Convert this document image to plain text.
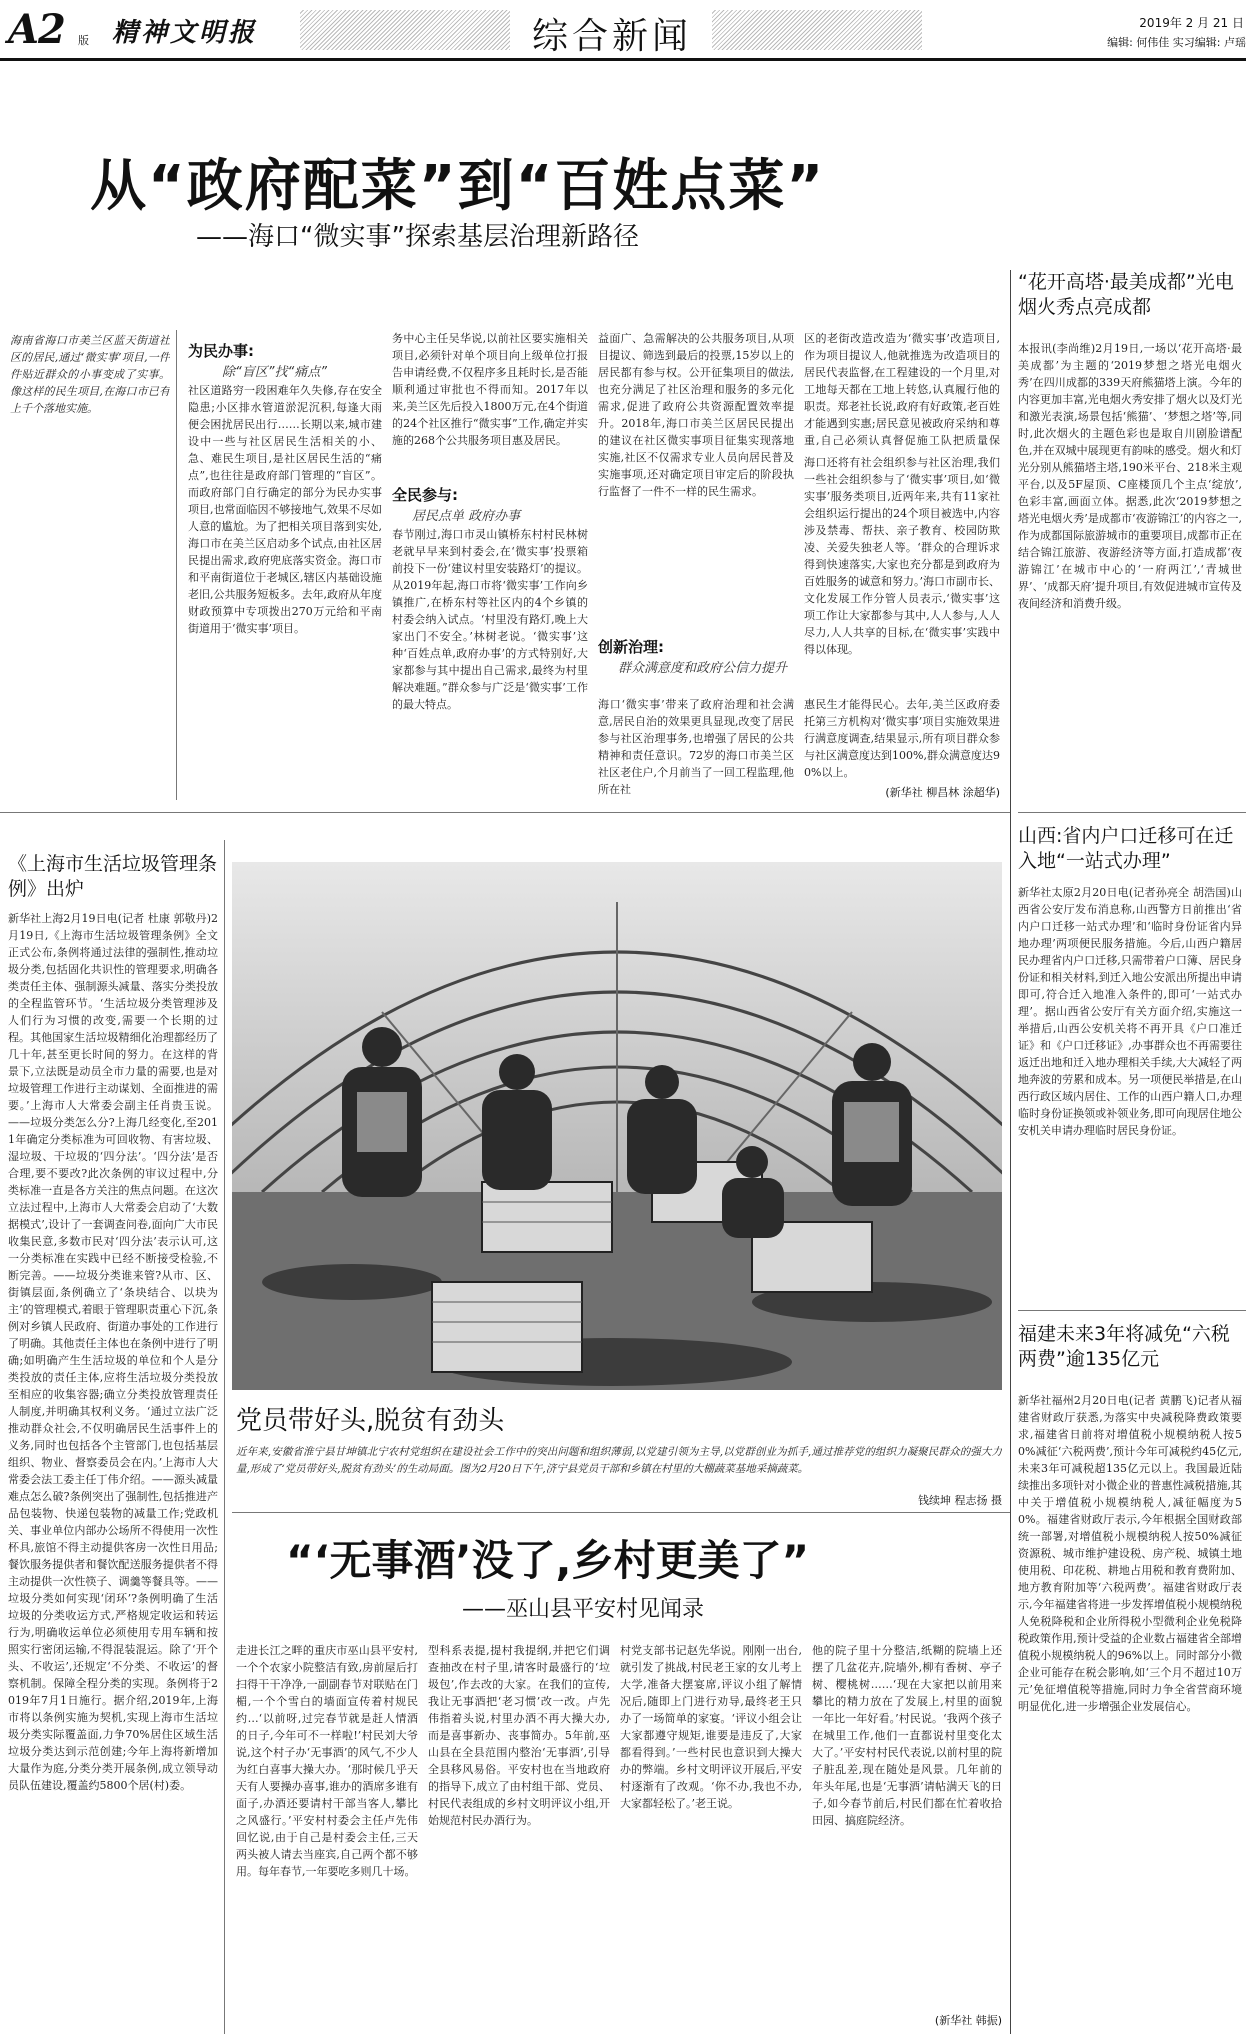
A2 版 精神文明报	综合新闻	2019年 2 月 21 日
编辑: 何伟佳 实习编辑: 卢瑶
从“政府配菜”到“百姓点菜”
——海口“微实事”探索基层治理新路径
海南省海口市美兰区蓝天街道社区的居民,通过‘微实事’项目,一件件贴近群众的小事变成了实事。像这样的民生项目,在海口市已有上千个落地实施。
为民办事:
除“盲区”找“痛点”
社区道路穷一段困难年久失修,存在安全隐患;小区排水管道淤泥沉积,每逢大雨便会困扰居民出行……长期以来,城市建设中一些与社区居民生活相关的小、急、难民生项目,是社区居民生活的“痛点”,也往往是政府部门管理的“盲区”。而政府部门自行确定的部分为民办实事项目,也常面临因不够接地气,效果不尽如人意的尴尬。为了把相关项目落到实处,海口市在美兰区启动多个试点,由社区居民提出需求,政府兜底落实资金。海口市和平南街道位于老城区,辖区内基础设施老旧,公共服务短板多。去年,政府从年度财政预算中专项拨出270万元给和平南街道用于‘微实事’项目。
务中心主任吴华说,以前社区要实施相关项目,必须针对单个项目向上级单位打报告申请经费,不仅程序多且耗时长,是否能顺利通过审批也不得而知。2017年以来,美兰区先后投入1800万元,在4个街道的24个社区推行“微实事”工作,确定并实施的268个公共服务项目惠及居民。
全民参与:
居民点单 政府办事
春节刚过,海口市灵山镇桥东村村民林树老就早早来到村委会,在‘微实事’投票箱前投下一份‘建议村里安装路灯’的提议。从2019年起,海口市将‘微实事’工作向乡镇推广,在桥东村等社区内的4个乡镇的村委会纳入试点。‘村里没有路灯,晚上大家出门不安全。’林树老说。‘微实事’这种‘百姓点单,政府办事’的方式特别好,大家都参与其中提出自己需求,最终为村里解决难题。”群众参与广泛是‘微实事’工作的最大特点。
益面广、急需解决的公共服务项目,从项目提议、筛选到最后的投票,15岁以上的居民都有参与权。公开征集项目的做法,也充分满足了社区治理和服务的多元化需求,促进了政府公共资源配置效率提升。2018年,海口市美兰区居民民提出的建议在社区微实事项目征集实现落地实施,社区不仅需求专业人员向居民普及实施事项,还对确定项目审定后的阶段执行监督了一件不一样的民生需求。
创新治理:
群众满意度和政府公信力提升
海口‘微实事’带来了政府治理和社会满意,居民自治的效果更具显现,改变了居民参与社区治理事务,也增强了居民的公共精神和责任意识。72岁的海口市美兰区社区老住户,个月前当了一回工程监理,他所在社
区的老街改造改造为‘微实事’改造项目,作为项目提议人,他就推选为改造项目的居民代表监督,在工程建设的一个月里,对工地每天都在工地上转悠,认真履行他的职责。郑老社长说,政府有好政策,老百姓才能遇到实惠;居民意见被政府采纳和尊重,自己必须认真督促施工队把质量保
海口还将有社会组织参与社区治理,我们一些社会组织参与了‘微实事’项目,如‘微实事’服务类项目,近两年来,共有11家社会组织运行提出的24个项目被选中,内容涉及禁毒、帮扶、亲子教育、校园防欺凌、关爱失独老人等。‘群众的合理诉求得到快速落实,大家也充分都是到政府为百姓服务的诚意和努力。’海口市副市长、文化发展工作分管人员表示,‘微实事’这项工作让大家都参与其中,人人参与,人人尽力,人人共享的目标,在‘微实事’实践中得以体现。
惠民生才能得民心。去年,美兰区政府委托第三方机构对‘微实事’项目实施效果进行满意度调查,结果显示,所有项目群众参与社区满意度达到100%,群众满意度达90%以上。
(新华社 柳昌林 涂超华)
“花开高塔·最美成都”光电烟火秀点亮成都
本报讯(李尚维)2月19日,一场以‘花开高塔·最美成都’为主题的‘2019梦想之塔光电烟火秀’在四川成都的339天府熊猫塔上演。今年的内容更加丰富,光电烟火秀安排了烟火以及灯光和激光表演,场景包括‘熊猫’、‘梦想之塔’等,同时,此次烟火的主题色彩也是取自川剧脸谱配色,并在双城中展现更有韵味的感受。烟火和灯光分别从熊猫塔主塔,190米平台、218米主观平台,以及5F屋顶、C座楼顶几个主点‘绽放’,色彩丰富,画面立体。据悉,此次‘2019梦想之塔光电烟火秀’是成都市‘夜游锦江’的内容之一,作为成都国际旅游城市的重要项目,成都市正在结合锦江旅游、夜游经济等方面,打造成都‘夜游锦江’在城市中心的‘一府两江’,‘青城世界’、‘成都天府’提升项目,有效促进城市宣传及夜间经济和消费升级。
山西:省内户口迁移可在迁入地“一站式办理”
新华社太原2月20日电(记者孙亮全 胡浩国)山西省公安厅发布消息称,山西警方日前推出‘省内户口迁移一站式办理’和‘临时身份证省内异地办理’两项便民服务措施。今后,山西户籍居民办理省内户口迁移,只需带着户口簿、居民身份证和相关材料,到迁入地公安派出所提出申请即可,符合迁入地准入条件的,即可‘一站式办理’。据山西省公安厅有关方面介绍,实施这一举措后,山西公安机关将不再开具《户口准迁证》和《户口迁移证》,办事群众也不再需要往返迁出地和迁入地办理相关手续,大大减轻了两地奔波的劳累和成本。另一项便民举措是,在山西行政区域内居住、工作的山西户籍人口,办理临时身份证换领或补领业务,即可向现居住地公安机关申请办理临时居民身份证。
福建未来3年将减免“六税两费”逾135亿元
新华社福州2月20日电(记者 黄鹏飞)记者从福建省财政厅获悉,为落实中央减税降费政策要求,福建省日前将对增值税小规模纳税人按50%减征‘六税两费’,预计今年可减税约45亿元,未来3年可减税超135亿元以上。我国最近陆续推出多项针对小微企业的普惠性减税措施,其中关于增值税小规模纳税人,减征幅度为50%。福建省财政厅表示,今年根据全国财政部统一部署,对增值税小规模纳税人按50%减征资源税、城市维护建设税、房产税、城镇土地使用税、印花税、耕地占用税和教育费附加、地方教育附加等‘六税两费’。福建省财政厅表示,今年福建省将进一步发挥增值税小规模纳税人免税降税和企业所得税小型微利企业免税降税政策作用,预计受益的企业数占福建省全部增值税小规模纳税人的96%以上。同时部分小微企业可能存在税会影响,如‘三个月不超过10万元’免征增值税等措施,同时力争全省营商环境明显优化,进一步增强企业发展信心。
《上海市生活垃圾管理条例》出炉
新华社上海2月19日电(记者 杜康 郭敬丹)2月19日,《上海市生活垃圾管理条例》全文正式公布,条例将通过法律的强制性,推动垃圾分类,包括固化共识性的管理要求,明确各类责任主体、强制源头减量、落实分类投放的全程监管环节。‘生活垃圾分类管理涉及人们行为习惯的改变,需要一个长期的过程。其他国家生活垃圾精细化治理都经历了几十年,甚至更长时间的努力。在这样的背景下,立法既是动员全市力量的需要,也是对垃圾管理工作进行主动谋划、全面推进的需要。’上海市人大常委会副主任肖贵玉说。——垃圾分类怎么分?上海几经变化,至2011年确定分类标准为可回收物、有害垃圾、湿垃圾、干垃圾的‘四分法’。‘四分法’是否合理,要不要改?此次条例的审议过程中,分类标准一直是各方关注的焦点问题。在这次立法过程中,上海市人大常委会启动了‘大数据模式’,设计了一套调查问卷,面向广大市民收集民意,多数市民对‘四分法’表示认可,这一分类标准在实践中已经不断接受检验,不断完善。——垃圾分类谁来管?从市、区、街镇层面,条例确立了‘条块结合、以块为主’的管理模式,着眼于管理职责重心下沉,条例对乡镇人民政府、街道办事处的工作进行了明确。其他责任主体也在条例中进行了明确;如明确产生生活垃圾的单位和个人是分类投放的责任主体,应将生活垃圾分类投放至相应的收集容器;确立分类投放管理责任人制度,并明确其权利义务。‘通过立法广泛推动群众社会,不仅明确居民生活事件上的义务,同时也包括各个主管部门,也包括基层组织、物业、督察委员会在内。’上海市人大常委会法工委主任丁伟介绍。——源头减量难点怎么破?条例突出了强制性,包括推进产品包装物、快递包装物的减量工作;党政机关、事业单位内部办公场所不得使用一次性杯具,旅馆不得主动提供客房一次性日用品;餐饮服务提供者和餐饮配送服务提供者不得主动提供一次性筷子、调羹等餐具等。——垃圾分类如何实现‘闭环’?条例明确了生活垃圾的分类收运方式,严格规定收运和转运行为,明确收运单位必须使用专用车辆和按照实行密闭运输,不得混装混运。除了‘开个头、不收运’,还规定‘不分类、不收运’的督察机制。保障全程分类的实现。条例将于2019年7月1日施行。据介绍,2019年,上海市将以条例实施为契机,实现上海市生活垃圾分类实际覆盖面,力争70%居住区域生活垃圾分类达到示范创建;今年上海将新增加大量作为庭,分类分类开展条例,成立领导动员队伍建设,覆盖约5800个居(村)委。
党员带好头,脱贫有劲头
近年来,安徽省淮宁县甘坤镇北宁农村党组织在建设社会工作中的突出问题和组织薄弱,以党建引领为主导,以党群创业为抓手,通过推荐党的组织力凝聚民群众的强大力量,形成了‘党员带好头,脱贫有劲头’的生动局面。图为2月20日下午,济宁县党员干部和乡镇在村里的大棚蔬菜基地采摘蔬菜。
钱续坤 程志扬 摄
“‘无事酒’没了,乡村更美了”
——巫山县平安村见闻录
走进长江之畔的重庆市巫山县平安村,一个个农家小院整洁有致,房前屋后打扫得干干净净,一副副春节对联贴在门楣,一个个雪白的墙面宣传着村规民约…‘以前呀,过完春节就是赶人情酒的日子,今年可不一样啦!’村民刘大爷说,这个村子办‘无事酒’的风气,不少人为红白喜事大操大办。‘那时候几乎天天有人要操办喜事,谁办的酒席多谁有面子,办酒还要请村干部当客人,攀比之风盛行。’平安村村委会主任卢先伟回忆说,由于自己是村委会主任,三天两头被人请去当座宾,自己两个都不够用。每年春节,一年要吃多则几十场。
型科系表提,提村我提纲,并把它们调查抽改在村子里,请客时最盛行的‘垃圾包’,作去改的大家。在我们的宣传,我让无事酒把‘老习惯’改一改。卢先伟指着头说,村里办酒不再大操大办,而是喜事新办、丧事简办。5年前,巫山县在全县范围内整治‘无事酒’,引导全县移风易俗。平安村也在当地政府的指导下,成立了由村组干部、党员、村民代表组成的乡村文明评议小组,开始规范村民办酒行为。
村党支部书记赵先华说。刚刚一出台,就引发了挑战,村民老王家的女儿考上大学,准备大摆宴席,评议小组了解情况后,随即上门进行劝导,最终老王只办了一场简单的家宴。‘评议小组会让大家都遵守规矩,谁要是违反了,大家都看得到。’一些村民也意识到大操大办的弊端。乡村文明评议开展后,平安村逐渐有了改观。‘你不办,我也不办,大家都轻松了。’老王说。
他的院子里十分整洁,纸糊的院墙上还摆了几盆花卉,院墙外,柳有香树、亭子树、樱桃树……‘现在大家把以前用来攀比的精力放在了发展上,村里的面貌一年比一年好看。’村民说。‘我两个孩子在城里工作,他们一直都说村里变化太大了。’平安村村民代表说,以前村里的院子脏乱差,现在随处是风景。几年前的年头年尾,也是‘无事酒’请帖满天飞的日子,如今春节前后,村民们都在忙着收拾田园、搞庭院经济。
(新华社 韩振)
